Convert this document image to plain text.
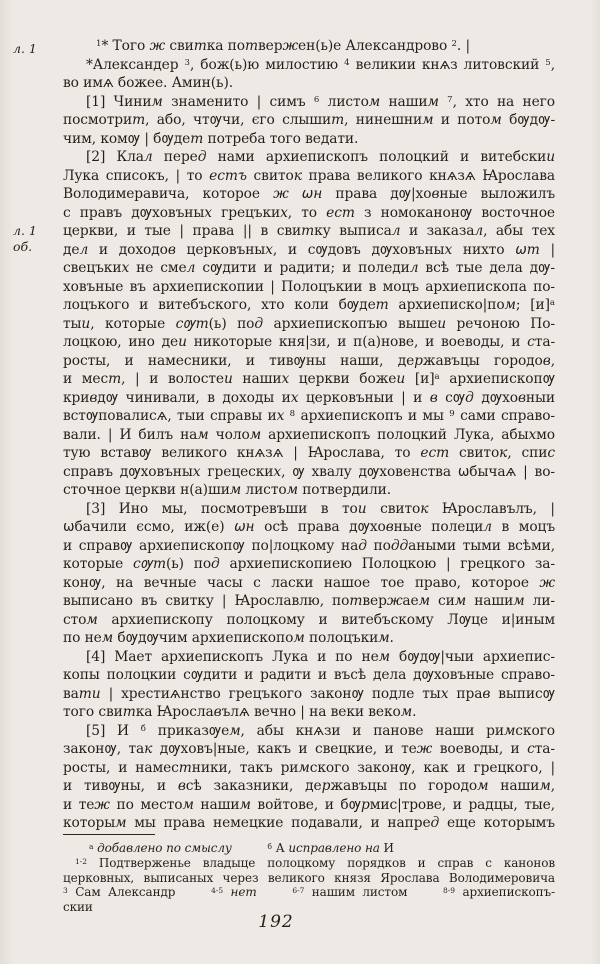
л. 1
л. 1
об.
$^1$* Того ж свитка потвержен(ь)е Александрово $^2$. |
*Александер $^3$, бож(ь)ю милостию $^4$ великии кнѧз литовский $^5$,
во имѧ божее. Амин(ь).
[1] Чиним знаменито | симъ $^6$ листом нашим $^7$, хто на него
посмотрит, або, чтѹчи, єго слышит, нинешним и потом бѹдѹ-
чим, комѹ | бѹдет потреба того ведати.
[2] Клал перед нами архиепископъ полоцкий и витебскии
Лука списокъ, | то естъ свиток права великого кнѧзѧ Ꙗрослава
Володимеравича, которое ж ѡн права дѹ|ховные выложилъ
с правъ дѹховъных грецъких, то ест з номоканонѹ восточное
церкви, и тые | права || в свитку выписал и заказал, абы тех
дел и доходов церковъных, и сѹдовъ дѹховъных нихто ѡт |
свецъких не смел сѹдити и радити; и поледил всѣ тые дела дѹ-
ховъные въ архиепископии | Полоцъкии в моцъ архиепископа по-
лоцъкого и витебъского, хто коли бѹдет архиеписко|пом; $[и]^а$
тыи, которые сѹт(ь) под архиепископъю вышеи речоною По-
лоцкою, ино деи никоторые кня|зи, и п(а)нове, и воеводы, и ста-
росты, и намесники, и тивѹны наши, державъцы городов,
и мест, | и волостеи наших церкви божеи $[и]^а$ архиепископѹ
кривдѹ чинивали, в доходы их церковъныи | и в сѹд дѹховныи
встѹповалисѧ, тыи справы их $^8$ архиепископъ и мы $^9$ сами справо-
вали. | И билъ нам чолом архиепископъ полоцкий Лука, абыхмо
тую вставѹ великого кнѧзѧ | Ꙗрослава, то ест свиток, спис
справъ дѹховъных грецеских, ѹ хвалу дѹховенства ѡбычаѧ | во-
сточное церкви н(а)шим листом потвердили.
[3] Ино мы, посмотревъши в тои свиток Ꙗрославълъ, |
ѡбачили єсмо, иж(е) ѡн осѣ права дѹховные полецил в моцъ
и справѹ архиепископѹ по|лоцкому над поддаными тыми всѣми,
которые сѹт(ь) под архиепископиею Полоцкою | грецкого за-
конѹ, на вечные часы с ласки нашое тое право, которое ж
выписано въ свитку | Ꙗрославлю, потвержаем сим нашим ли-
стом архиепископу полоцкому и витебъскому Лѹце и|иным
по нем бѹдѹчим архиепископом полоцъким.
[4] Мает архиепископъ Лука и по нем бѹдѹ|чыи архиепис-
копы полоцкии сѹдити и радити и въсѣ дела дѹховъные справо-
вати | хрестиѧнство грецъкого законѹ подле тых прав выписѹ
того свитка Ꙗрославълѧ вечно | на веки веком.
[5] И $^б$ приказѹем, абы кнѧзи и панове наши римского
законѹ, так дѹховъ|ные, какъ и свецкие, и теж воеводы, и ста-
росты, и наместники, такъ римского законѹ, как и грецкого, |
и тивѹны, и всѣ заказники, державъцы по городом нашим,
и теж по местом нашим войтове, и бѹрмис|трове, и радцы, тые,
которым мы права немецкие подавали, и напред еще которымъ
$^а$ добавлено по смыслу   	$^б$ А исправлено на И
$^{1-2}$ Подтверженье владыце полоцкому порядков и справ с канонов
церковных, выписаных через великого князя Ярослава Володимеровича
$^3$ Сам Александр   $^{4-5}$ нет   	$^{6-7}$ нашим листом   $^{8-9}$ архиепископъ-
скии
192
